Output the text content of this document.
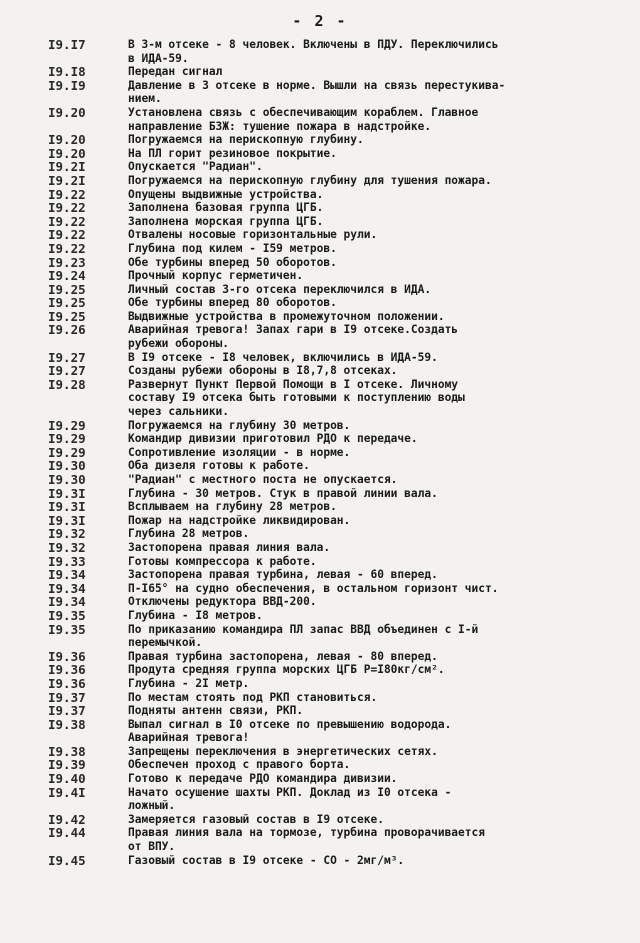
- 2 -
I9.I7	В 3-м отсеке - 8 человек. Включены в ПДУ. Переключились
в ИДА-59.
I9.I8	Передан сигнал
I9.I9	Давление в 3 отсеке в норме. Вышли на связь перестукива-
нием.
I9.20	Установлена связь с обеспечивающим кораблем. Главное
направление БЗЖ: тушение пожара в надстройке.
I9.20	Погружаемся на перископную глубину.
I9.20	На ПЛ горит резиновое покрытие.
I9.2I	Опускается "Радиан".
I9.2I	Погружаемся на перископную глубину для тушения пожара.
I9.22	Опущены выдвижные устройства.
I9.22	Заполнена базовая группа ЦГБ.
I9.22	Заполнена морская группа ЦГБ.
I9.22	Отвалены носовые горизонтальные рули.
I9.22	Глубина под килем - I59 метров.
I9.23	Обе турбины вперед 50 оборотов.
I9.24	Прочный корпус герметичен.
I9.25	Личный состав 3-го отсека переключился в ИДА.
I9.25	Обе турбины вперед 80 оборотов.
I9.25	Выдвижные устройства в промежуточном положении.
I9.26	Аварийная тревога! Запах гари в I9 отсеке.Создать
рубежи обороны.
I9.27	В I9 отсеке - I8 человек, включились в ИДА-59.
I9.27	Созданы рубежи обороны в I8,7,8 отсеках.
I9.28	Развернут Пункт Первой Помощи в I отсеке. Личному
составу I9 отсека быть готовыми к поступлению воды
через сальники.
I9.29	Погружаемся на глубину 30 метров.
I9.29	Командир дивизии приготовил РДО к передаче.
I9.29	Сопротивление изоляции - в норме.
I9.30	Оба дизеля готовы к работе.
I9.30	"Радиан" с местного поста не опускается.
I9.3I	Глубина - 30 метров. Стук в правой линии вала.
I9.3I	Всплываем на глубину 28 метров.
I9.3I	Пожар на надстройке ликвидирован.
I9.32	Глубина 28 метров.
I9.32	Застопорена правая линия вала.
I9.33	Готовы компрессора к работе.
I9.34	Застопорена правая турбина, левая - 60 вперед.
I9.34	П-I65° на судно обеспечения, в остальном горизонт чист.
I9.34	Отключены редуктора ВВД-200.
I9.35	Глубина - I8 метров.
I9.35	По приказанию командира ПЛ запас ВВД объединен с I-й
перемычкой.
I9.36	Правая турбина застопорена, левая - 80 вперед.
I9.36	Продута средняя группа морских ЦГБ Р=I80кг/см².
I9.36	Глубина - 2I метр.
I9.37	По местам стоять под РКП становиться.
I9.37	Подняты антенн связи, РКП.
I9.38	Выпал сигнал в I0 отсеке по превышению водорода.
Аварийная тревога!
I9.38	Запрещены переключения в энергетических сетях.
I9.39	Обеспечен проход с правого борта.
I9.40	Готово к передаче РДО командира дивизии.
I9.4I	Начато осушение шахты РКП. Доклад из I0 отсека -
ложный.
I9.42	Замеряется газовый состав в I9 отсеке.
I9.44	Правая линия вала на тормозе, турбина проворачивается
от ВПУ.
I9.45	Газовый состав в I9 отсеке - СО - 2мг/м³.
